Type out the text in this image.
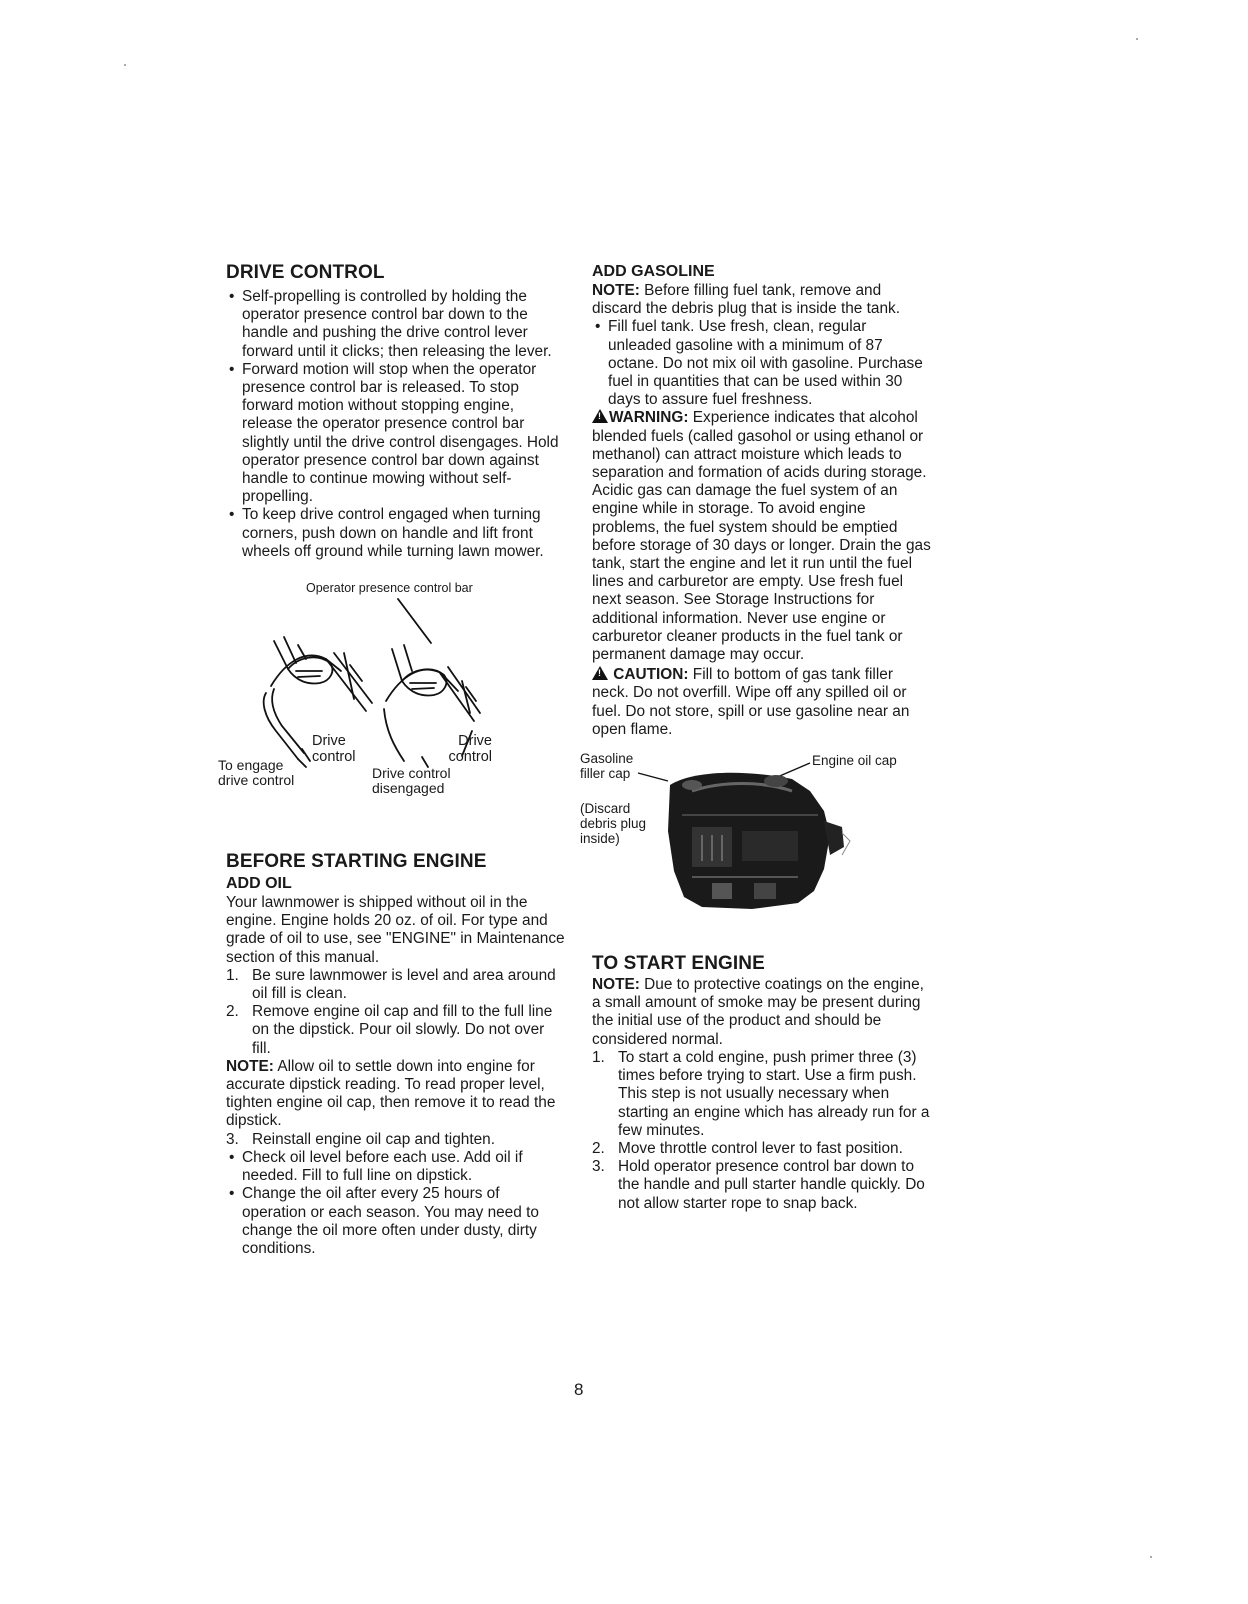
DRIVE CONTROL
• Self-propelling is controlled by holding the operator presence control bar down to the handle and pushing the drive control lever forward until it clicks; then releasing the lever.
• Forward motion will stop when the operator presence control bar is released. To stop forward motion without stopping engine, release the operator presence control bar slightly until the drive control disengages. Hold operator presence control bar down against handle to continue mowing without self-propelling.
• To keep drive control engaged when turning corners, push down on handle and lift front wheels off ground while turning lawn mower.
Operator presence control bar
Drive control
Drive control
To engage drive control	Drive control disengaged
BEFORE STARTING ENGINE
ADD OIL

Your lawnmower is shipped without oil in the engine. Engine holds 20 oz. of oil. For type and grade of oil to use, see "ENGINE" in Maintenance section of this manual.

1. Be sure lawnmower is level and area around oil fill is clean.
2. Remove engine oil cap and fill to the full line on the dipstick. Pour oil slowly. Do not over fill.

NOTE: Allow oil to settle down into engine for accurate dipstick reading. To read proper level, tighten engine oil cap, then remove it to read the dipstick.

3. Reinstall engine oil cap and tighten.
• Check oil level before each use. Add oil if needed. Fill to full line on dipstick.
• Change the oil after every 25 hours of operation or each season. You may need to change the oil more often under dusty, dirty conditions.
ADD GASOLINE

NOTE: Before filling fuel tank, remove and discard the debris plug that is inside the tank.

• Fill fuel tank. Use fresh, clean, regular unleaded gasoline with a minimum of 87 octane. Do not mix oil with gasoline. Purchase fuel in quantities that can be used within 30 days to assure fuel freshness.

!WARNING: Experience indicates that alcohol blended fuels (called gasohol or using ethanol or methanol) can attract moisture which leads to separation and formation of acids during storage. Acidic gas can damage the fuel system of an engine while in storage. To avoid engine problems, the fuel system should be emptied before storage of 30 days or longer. Drain the gas tank, start the engine and let it run until the fuel lines and carburetor are empty. Use fresh fuel next season. See Storage Instructions for additional information. Never use engine or carburetor cleaner products in the fuel tank or permanent damage may occur.

! CAUTION: Fill to bottom of gas tank filler neck. Do not overfill. Wipe off any spilled oil or fuel. Do not store, spill or use gasoline near an open flame.

Gasoline filler cap
Engine oil cap
(Discard debris plug inside)
TO START ENGINE

NOTE: Due to protective coatings on the engine, a small amount of smoke may be present during the initial use of the product and should be considered normal.

1. To start a cold engine, push primer three (3) times before trying to start. Use a firm push. This step is not usually necessary when starting an engine which has already run for a few minutes.
2. Move throttle control lever to fast position.
3. Hold operator presence control bar down to the handle and pull starter handle quickly. Do not allow starter rope to snap back.
8
